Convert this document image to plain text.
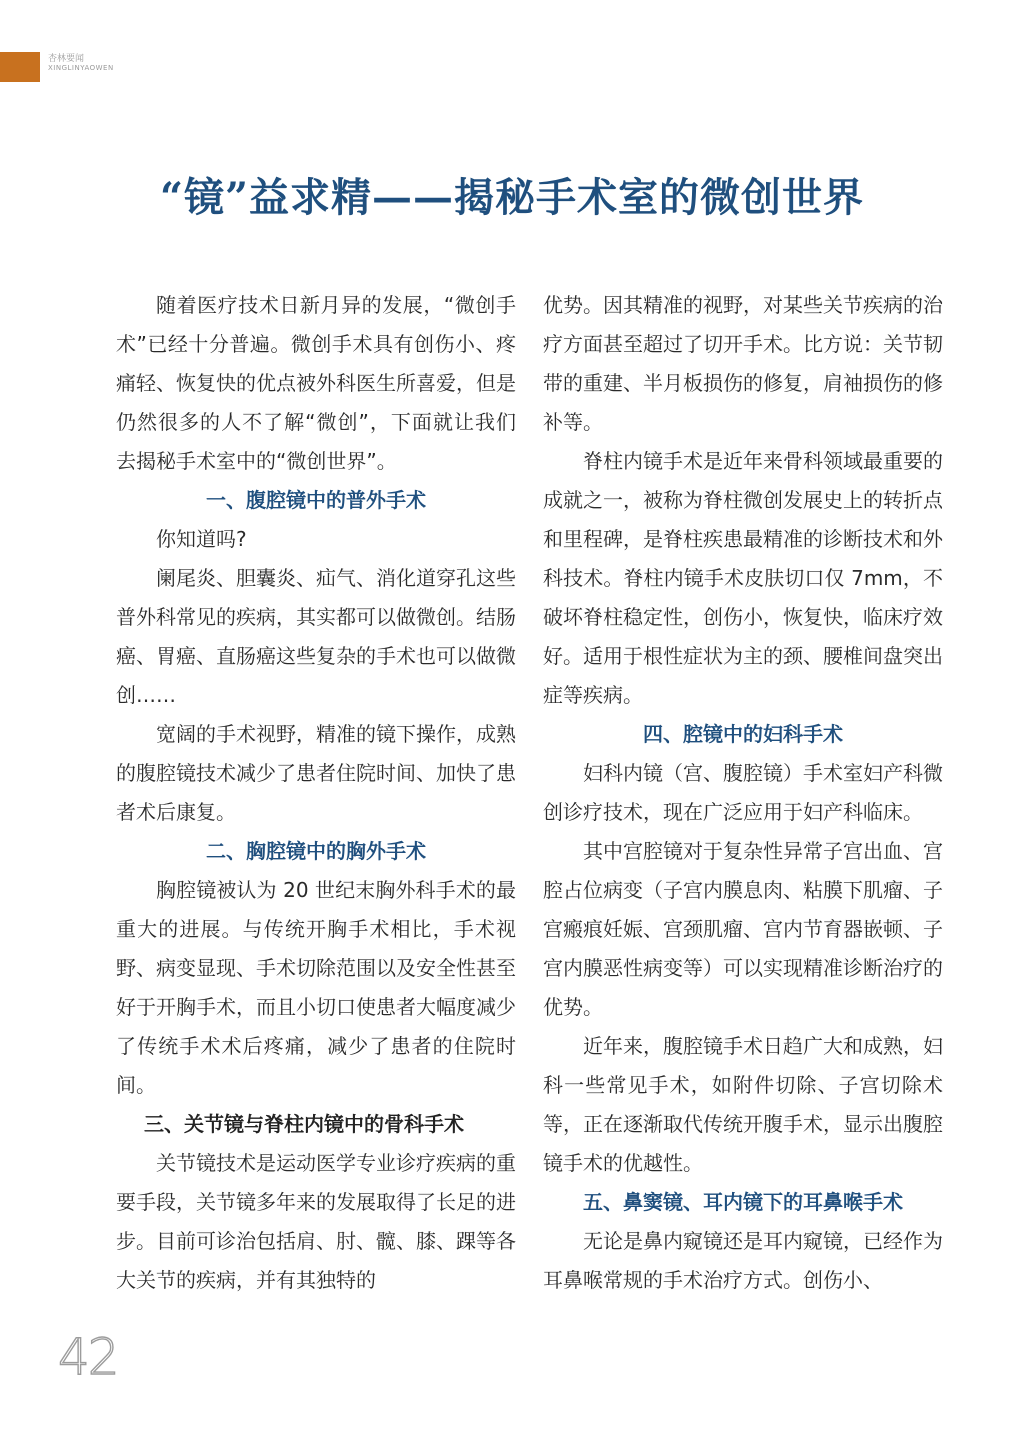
杏林要闻
XINGLINYAOWEN
“镜”益求精——揭秘手术室的微创世界

随着医疗技术日新月异的发展，“微创手术”已经十分普遍。微创手术具有创伤小、疼痛轻、恢复快的优点被外科医生所喜爱，但是仍然很多的人不了解“微创”，下面就让我们去揭秘手术室中的“微创世界”。

一、腹腔镜中的普外手术

你知道吗?

阑尾炎、胆囊炎、疝气、消化道穿孔这些普外科常见的疾病，其实都可以做微创。结肠癌、胃癌、直肠癌这些复杂的手术也可以做微创……

宽阔的手术视野，精准的镜下操作，成熟的腹腔镜技术减少了患者住院时间、加快了患者术后康复。

二、胸腔镜中的胸外手术

胸腔镜被认为 20 世纪末胸外科手术的最重大的进展。与传统开胸手术相比，手术视野、病变显现、手术切除范围以及安全性甚至好于开胸手术，而且小切口使患者大幅度减少了传统手术术后疼痛，减少了患者的住院时间。

三、关节镜与脊柱内镜中的骨科手术

关节镜技术是运动医学专业诊疗疾病的重要手段，关节镜多年来的发展取得了长足的进步。目前可诊治包括肩、肘、髋、膝、踝等各大关节的疾病，并有其独特的

优势。因其精准的视野，对某些关节疾病的治疗方面甚至超过了切开手术。比方说：关节韧带的重建、半月板损伤的修复，肩袖损伤的修补等。

脊柱内镜手术是近年来骨科领域最重要的成就之一，被称为脊柱微创发展史上的转折点和里程碑，是脊柱疾患最精准的诊断技术和外科技术。脊柱内镜手术皮肤切口仅 7mm，不破坏脊柱稳定性，创伤小，恢复快，临床疗效好。适用于根性症状为主的颈、腰椎间盘突出症等疾病。

四、腔镜中的妇科手术

妇科内镜（宫、腹腔镜）手术室妇产科微创诊疗技术，现在广泛应用于妇产科临床。

其中宫腔镜对于复杂性异常子宫出血、宫腔占位病变（子宫内膜息肉、粘膜下肌瘤、子宫瘢痕妊娠、宫颈肌瘤、宫内节育器嵌顿、子宫内膜恶性病变等）可以实现精准诊断治疗的优势。

近年来，腹腔镜手术日趋广大和成熟，妇科一些常见手术，如附件切除、子宫切除术等，正在逐渐取代传统开腹手术，显示出腹腔镜手术的优越性。

五、鼻窦镜、耳内镜下的耳鼻喉手术

无论是鼻内窥镜还是耳内窥镜，已经作为耳鼻喉常规的手术治疗方式。创伤小、

42
